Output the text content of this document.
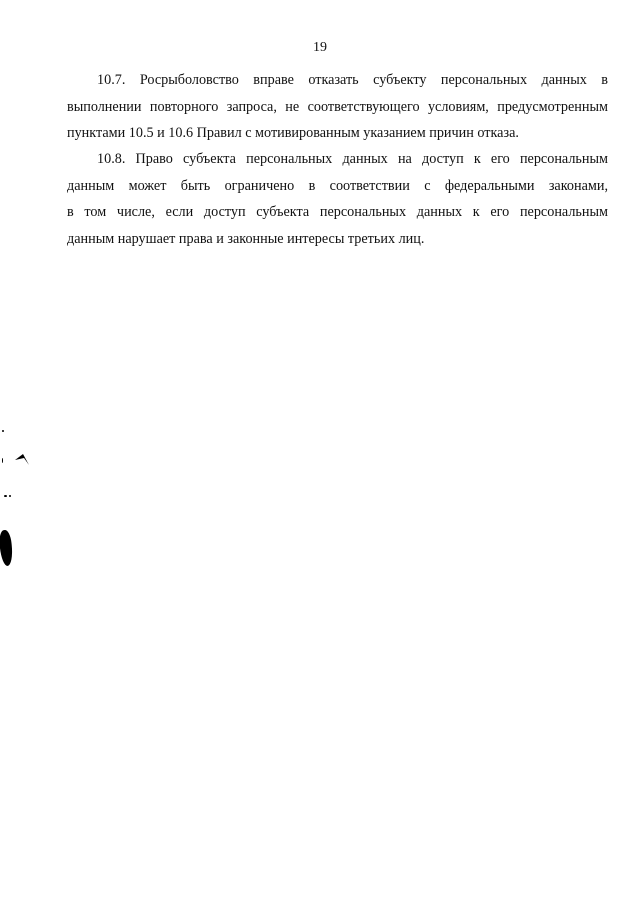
19
10.7. Росрыболовство вправе отказать субъекту персональных данных в
выполнении повторного запроса, не соответствующего условиям, предусмотренным
пунктами 10.5 и 10.6 Правил с мотивированным указанием причин отказа.
10.8. Право субъекта персональных данных на доступ к его персональным
данным может быть ограничено в соответствии с федеральными законами,
в том числе, если доступ субъекта персональных данных к его персональным
данным нарушает права и законные интересы третьих лиц.
